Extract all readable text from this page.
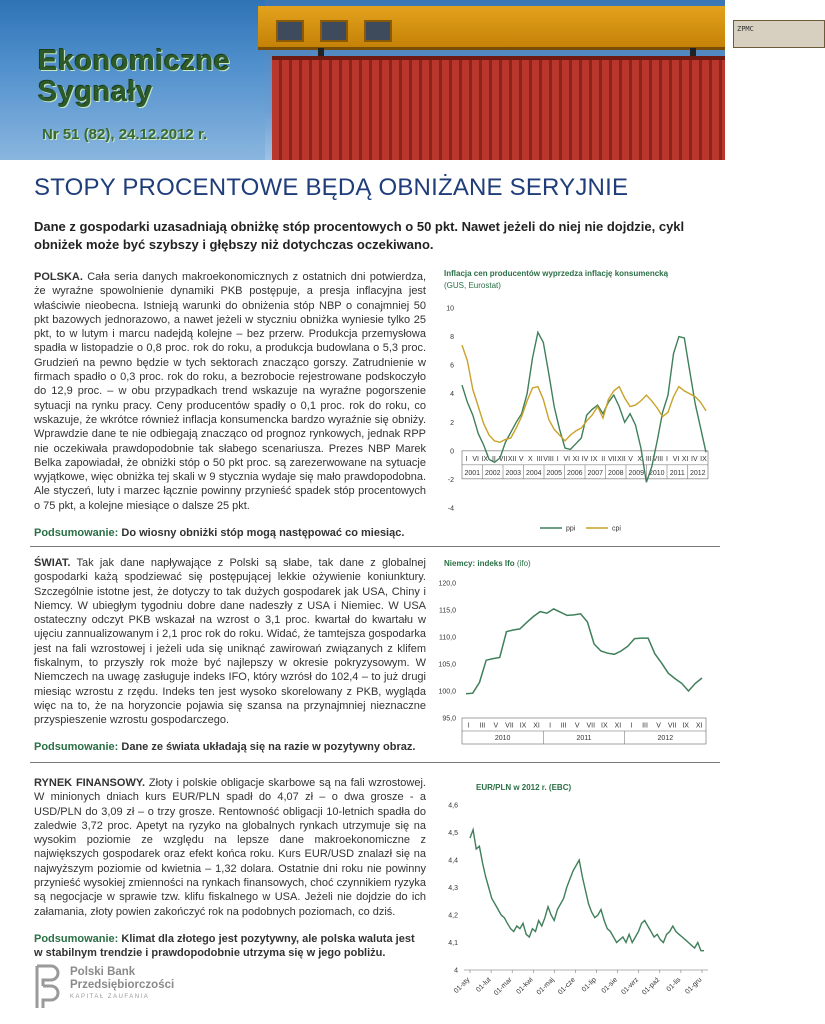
ZPMC
Ekonomiczne
Sygnały
Nr 51 (82), 24.12.2012 r.
STOPY PROCENTOWE BĘDĄ OBNIŻANE SERYJNIE
Dane z gospodarki uzasadniają obniżkę stóp procentowych o 50 pkt. Nawet jeżeli do niej nie dojdzie, cykl obniżek może być szybszy i głębszy niż dotychczas oczekiwano.
POLSKA. Cała seria danych makroekonomicznych z ostatnich dni potwierdza, że wyraźne spowolnienie dynamiki PKB postępuje, a presja inflacyjna jest właściwie nieobecna. Istnieją warunki do obniżenia stóp NBP o conajmniej 50 pkt bazowych jednorazowo, a nawet jeżeli w styczniu obniżka wyniesie tylko 25 pkt, to w lutym i marcu nadejdą kolejne – bez przerw. Produkcja przemysłowa spadła w listopadzie o 0,8 proc. rok do roku, a produkcja budowlana o 5,3 proc. Grudzień na pewno będzie w tych sektorach znacząco gorszy. Zatrudnienie w firmach spadło o 0,3 proc. rok do roku, a bezrobocie rejestrowane podskoczyło do 12,9 proc. – w obu przypadkach trend wskazuje na wyraźne pogorszenie sytuacji na rynku pracy. Ceny producentów spadły o 0,1 proc. rok do roku, co wskazuje, że wkrótce również inflacja konsumencka bardzo wyraźnie się obniży. Wprawdzie dane te nie odbiegają znacząco od prognoz rynkowych, jednak RPP nie oczekiwała prawdopodobnie tak słabego scenariusza. Prezes NBP Marek Belka zapowiadał, że obniżki stóp o 50 pkt proc. są zarezerwowane na sytuacje wyjątkowe, więc obniżka tej skali w 9 stycznia wydaje się mało prawdopodobna. Ale styczeń, luty i marzec łącznie powinny przynieść spadek stóp procentowych o 75 pkt, a kolejne miesiące o dalsze 25 pkt.
Podsumowanie: Do wiosny obniżki stóp mogą następować co miesiąc.
ŚWIAT. Tak jak dane napływające z Polski są słabe, tak dane z globalnej gospodarki każą spodziewać się postępującej lekkie ożywienie koniunktury. Szczególnie istotne jest, że dotyczy to tak dużych gospodarek jak USA, Chiny i Niemcy. W ubiegłym tygodniu dobre dane nadeszły z USA i Niemiec. W USA ostateczny odczyt PKB wskazał na wzrost o 3,1 proc. kwartał do kwartału w ujęciu zannualizowanym i 2,1 proc rok do roku. Widać, że tamtejsza gospodarka jest na fali wzrostowej i jeżeli uda się uniknąć zawirowań związanych z klifem fiskalnym, to przyszły rok może być najlepszy w okresie pokryzysowym. W Niemczech na uwagę zasługuje indeks IFO, który wzrósł do 102,4 – to już drugi miesiąc wzrostu z rzędu. Indeks ten jest wysoko skorelowany z PKB, wygląda więc na to, że na horyzoncie pojawia się szansa na przynajmniej nieznaczne przyspieszenie wzrostu gospodarczego.
Podsumowanie: Dane ze świata układają się na razie w pozytywny obraz.
RYNEK FINANSOWY. Złoty i polskie obligacje skarbowe są na fali wzrostowej. W minionych dniach kurs EUR/PLN spadł do 4,07 zł – o dwa grosze - a USD/PLN do 3,09 zł – o trzy grosze. Rentowność obligacji 10-letnich spadła do zaledwie 3,72 proc. Apetyt na ryzyko na globalnych rynkach utrzymuje się na wysokim poziomie ze względu na lepsze dane makroekonomiczne z największych gospodarek oraz efekt końca roku. Kurs EUR/USD znalazł się na najwyższym poziomie od kwietnia – 1,32 dolara. Ostatnie dni roku nie powinny przynieść wysokiej zmienności na rynkach finansowych, choć czynnikiem ryzyka są negocjacje w sprawie tzw. klifu fiskalnego w USA. Jeżeli nie dojdzie do ich załamania, złoty powien zakończyć rok na podobnych poziomach, co dziś.
Podsumowanie: Klimat dla złotego jest pozytywny, ale polska waluta jest w stabilnym trendzie i prawdopodobnie utrzyma się w jego pobliżu.
Inflacja cen producentów wyprzedza inflację konsumencką
(GUS, Eurostat)
10
8
6
4
2
0
-2
-4
I VI IX II VII XII V X III VIII I VI XI IV IX II VII XII V X III VIII I VI XI IV IX
2001 2002 2003 2004 2005 2006 2007 2008 2009 2010 2011 2012
ppi	cpi
Niemcy: indeks Ifo (ifo)
120,0
115,0
110,0
105,0
100,0
95,0
I III V VII IX XI I III V VII IX XI I III V VII IX XI
2010	2011	2012
EUR/PLN w 2012 r. (EBC)
4,6
4,5
4,4
4,3
4,2
4,1
4
01-sty 01-lut 01-mar 01-kwi 01-maj 01-cze 01-lip 01-sie 01-wrz 01-paź 01-lis 01-gru
Polski Bank
Przedsiębiorczości
KAPITAŁ ZAUFANIA
